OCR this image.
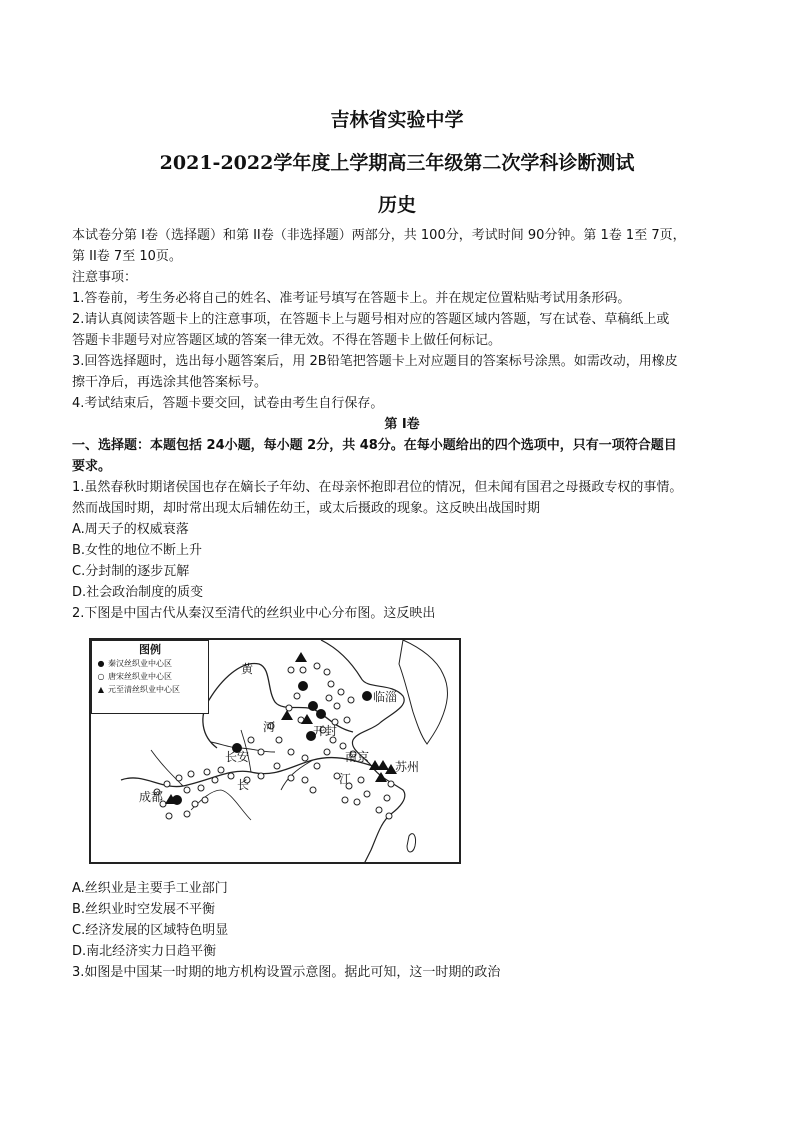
吉林省实验中学
2021-2022学年度上学期高三年级第二次学科诊断测试
历史
本试卷分第 I卷（选择题）和第 II卷（非选择题）两部分，共 100分，考试时间 90分钟。第 1卷 1至 7页，
第 II卷 7至 10页。
注意事项：
1.答卷前，考生务必将自己的姓名、准考证号填写在答题卡上。并在规定位置粘贴考试用条形码。
2.请认真阅读答题卡上的注意事项，在答题卡上与题号相对应的答题区域内答题，写在试卷、草稿纸上或
答题卡非题号对应答题区域的答案一律无效。不得在答题卡上做任何标记。
3.回答选择题时，选出每小题答案后，用 2B铅笔把答题卡上对应题目的答案标号涂黑。如需改动，用橡皮
擦干净后，再选涂其他答案标号。
4.考试结束后，答题卡要交回，试卷由考生自行保存。
第 I卷
一、选择题：本题包括 24小题，每小题 2分，共 48分。在每小题给出的四个选项中，只有一项符合题目
要求。
1.虽然春秋时期诸侯国也存在嫡长子年幼、在母亲怀抱即君位的情况，但未闻有国君之母摄政专权的事情。
然而战国时期，却时常出现太后辅佐幼王，或太后摄政的现象。这反映出战国时期
A.周天子的权威衰落
B.女性的地位不断上升
C.分封制的逐步瓦解
D.社会政治制度的质变
2.下图是中国古代从秦汉至清代的丝织业中心分布图。这反映出
图例
● 秦汉丝织业中心区
○ 唐宋丝织业中心区
▲ 元至清丝织业中心区
黄
河
临淄
长安
开封
南京
苏州
江
成都
长
A.丝织业是主要手工业部门
B.丝织业时空发展不平衡
C.经济发展的区域特色明显
D.南北经济实力日趋平衡
3.如图是中国某一时期的地方机构设置示意图。据此可知，这一时期的政治
